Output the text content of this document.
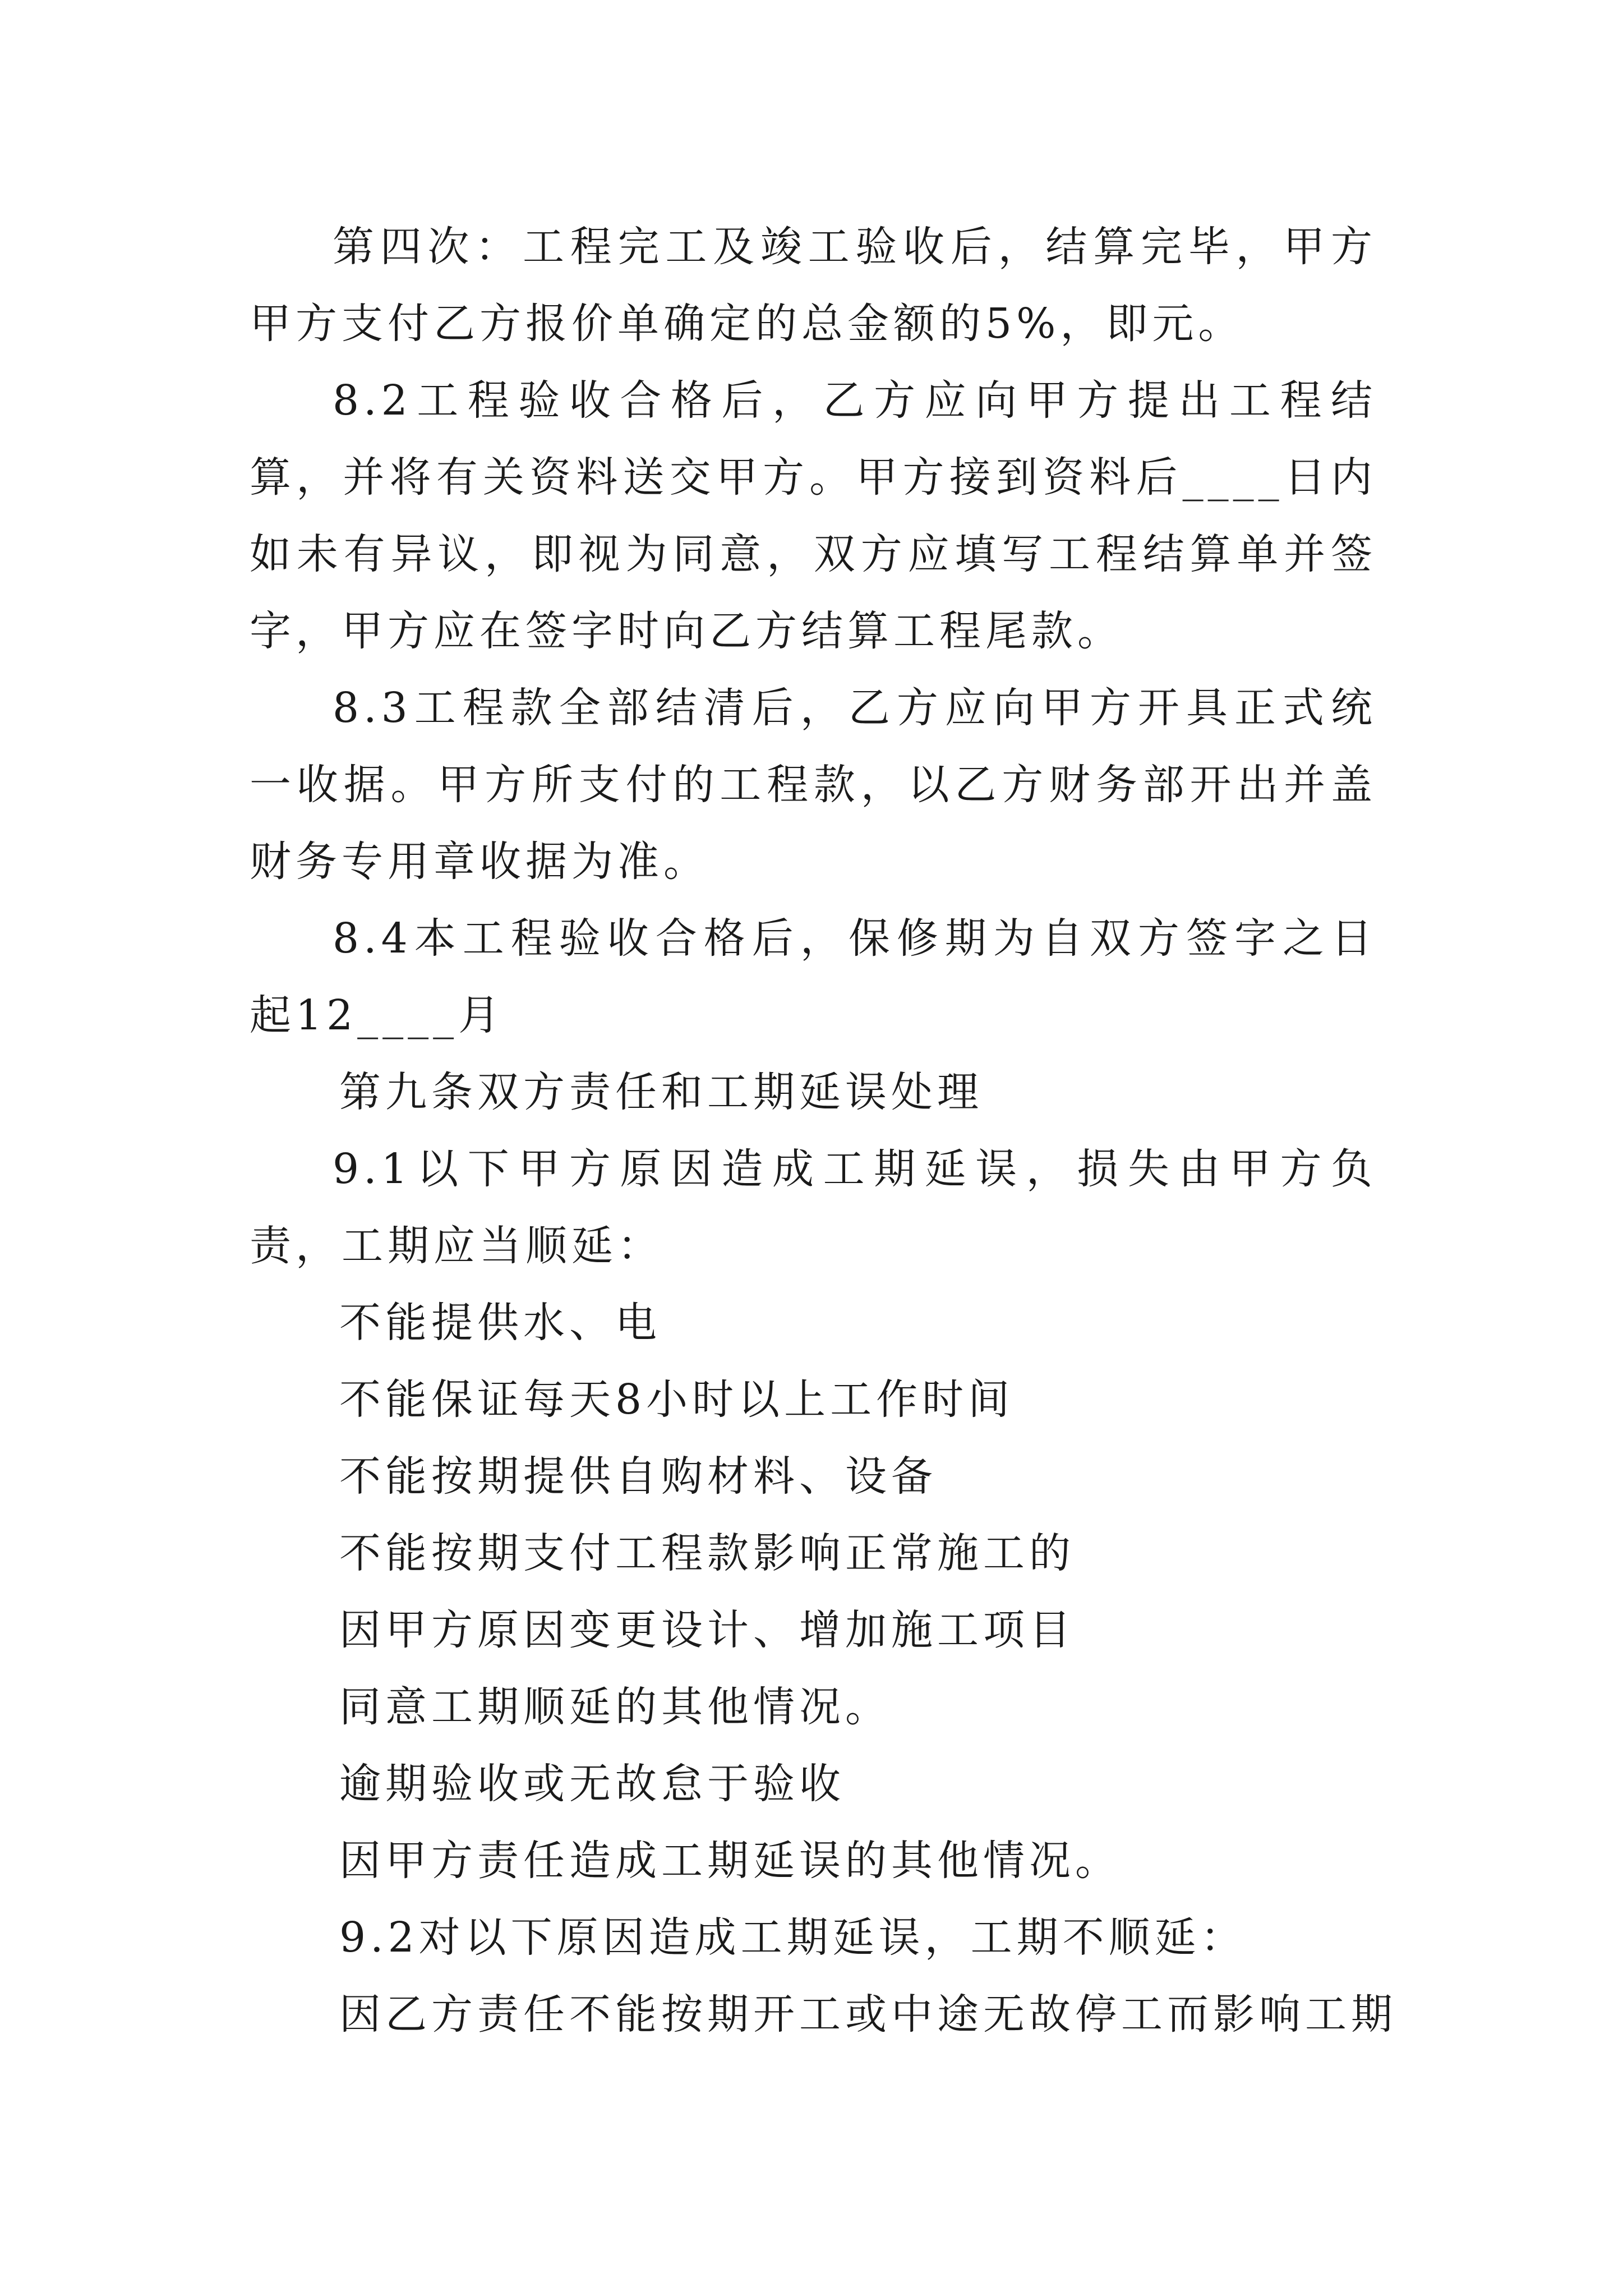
第四次：工程完工及竣工验收后，结算完毕，甲方甲方支付乙方报价单确定的总金额的5%，即元。

8.2工程验收合格后，乙方应向甲方提出工程结算，并将有关资料送交甲方。甲方接到资料后____日内如未有异议，即视为同意，双方应填写工程结算单并签字，甲方应在签字时向乙方结算工程尾款。

8.3工程款全部结清后，乙方应向甲方开具正式统一收据。甲方所支付的工程款，以乙方财务部开出并盖财务专用章收据为准。

8.4本工程验收合格后，保修期为自双方签字之日起12____月

第九条双方责任和工期延误处理

9.1以下甲方原因造成工期延误，损失由甲方负责，工期应当顺延：

不能提供水、电

不能保证每天8小时以上工作时间

不能按期提供自购材料、设备

不能按期支付工程款影响正常施工的

因甲方原因变更设计、增加施工项目

同意工期顺延的其他情况。

逾期验收或无故怠于验收

因甲方责任造成工期延误的其他情况。

9.2对以下原因造成工期延误，工期不顺延：

因乙方责任不能按期开工或中途无故停工而影响工期
